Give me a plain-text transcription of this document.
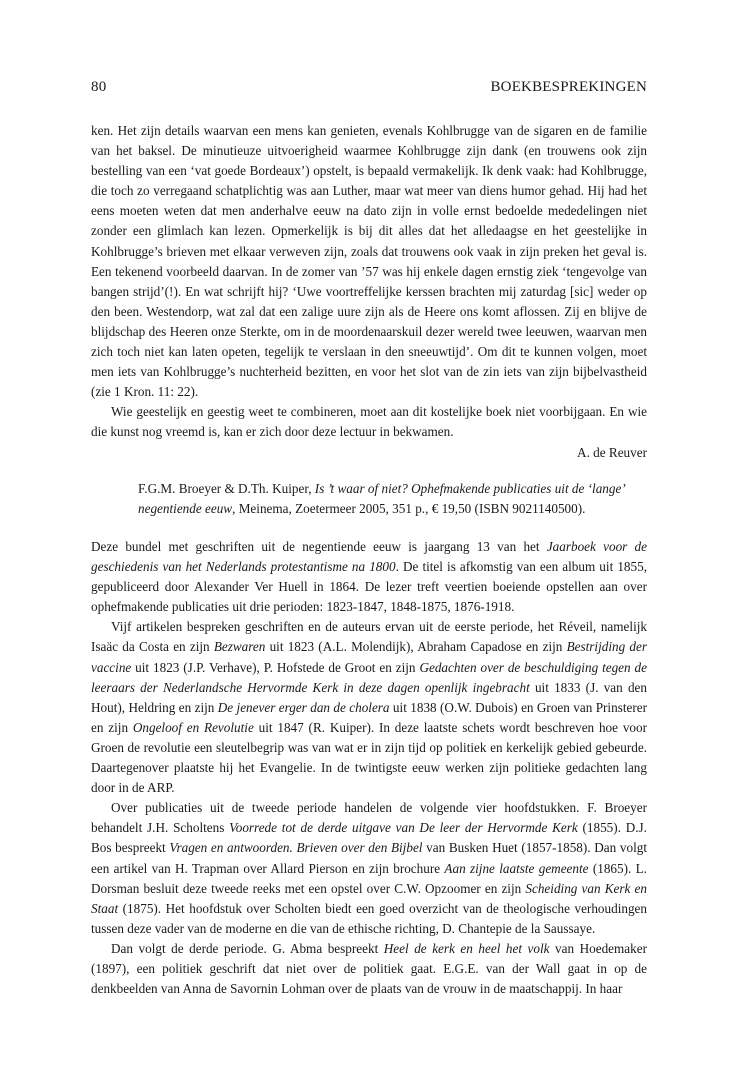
80	BOEKBESPREKINGEN

ken. Het zijn details waarvan een mens kan genieten, evenals Kohlbrugge van de sigaren en de familie van het baksel. De minutieuze uitvoerigheid waarmee Kohlbrugge zijn dank (en trouwens ook zijn bestelling van een ‘vat goede Bordeaux’) opstelt, is bepaald vermakelijk. Ik denk vaak: had Kohlbrugge, die toch zo verregaand schatplichtig was aan Luther, maar wat meer van diens humor gehad. Hij had het eens moeten weten dat men anderhalve eeuw na dato zijn in volle ernst bedoelde mededelingen niet zonder een glimlach kan lezen. Opmerkelijk is bij dit alles dat het alledaagse en het geestelijke in Kohlbrugge’s brieven met elkaar verweven zijn, zoals dat trouwens ook vaak in zijn preken het geval is. Een tekenend voorbeeld daarvan. In de zomer van ’57 was hij enkele dagen ernstig ziek ‘tengevolge van bangen strijd’(!). En wat schrijft hij? ‘Uwe voortreffelijke kerssen brachten mij zaturdag [sic] weder op den been. Westendorp, wat zal dat een zalige uure zijn als de Heere ons komt aflossen. Zij en blijve de blijdschap des Heeren onze Sterkte, om in de moordenaarskuil dezer wereld twee leeuwen, waarvan men zich toch niet kan laten opeten, tegelijk te verslaan in den sneeuwtijd’. Om dit te kunnen volgen, moet men iets van Kohlbrugge’s nuchterheid bezitten, en voor het slot van de zin iets van zijn bijbelvastheid (zie 1 Kron. 11: 22).

Wie geestelijk en geestig weet te combineren, moet aan dit kostelijke boek niet voorbijgaan. En wie die kunst nog vreemd is, kan er zich door deze lectuur in bekwamen.

A. de Reuver

F.G.M. Broeyer & D.Th. Kuiper, Is ’t waar of niet? Ophefmakende publicaties uit de ‘lange’ negentiende eeuw, Meinema, Zoetermeer 2005, 351 p., € 19,50 (ISBN 9021140500).

Deze bundel met geschriften uit de negentiende eeuw is jaargang 13 van het Jaarboek voor de geschiedenis van het Nederlands protestantisme na 1800. De titel is afkomstig van een album uit 1855, gepubliceerd door Alexander Ver Huell in 1864. De lezer treft veertien boeiende opstellen aan over ophefmakende publicaties uit drie perioden: 1823-1847, 1848-1875, 1876-1918.

Vijf artikelen bespreken geschriften en de auteurs ervan uit de eerste periode, het Réveil, namelijk Isaäc da Costa en zijn Bezwaren uit 1823 (A.L. Molendijk), Abraham Capadose en zijn Bestrijding der vaccine uit 1823 (J.P. Verhave), P. Hofstede de Groot en zijn Gedachten over de beschuldiging tegen de leeraars der Nederlandsche Hervormde Kerk in deze dagen openlijk ingebracht uit 1833 (J. van den Hout), Heldring en zijn De jenever erger dan de cholera uit 1838 (O.W. Dubois) en Groen van Prinsterer en zijn Ongeloof en Revolutie uit 1847 (R. Kuiper). In deze laatste schets wordt beschreven hoe voor Groen de revolutie een sleutelbegrip was van wat er in zijn tijd op politiek en kerkelijk gebied gebeurde. Daartegenover plaatste hij het Evangelie. In de twintigste eeuw werken zijn politieke gedachten lang door in de ARP.

Over publicaties uit de tweede periode handelen de volgende vier hoofdstukken. F. Broeyer behandelt J.H. Scholtens Voorrede tot de derde uitgave van De leer der Hervormde Kerk (1855). D.J. Bos bespreekt Vragen en antwoorden. Brieven over den Bijbel van Busken Huet (1857-1858). Dan volgt een artikel van H. Trapman over Allard Pierson en zijn brochure Aan zijne laatste gemeente (1865). L. Dorsman besluit deze tweede reeks met een opstel over C.W. Opzoomer en zijn Scheiding van Kerk en Staat (1875). Het hoofdstuk over Scholten biedt een goed overzicht van de theologische verhoudingen tussen deze vader van de moderne en die van de ethische richting, D. Chantepie de la Saussaye.

Dan volgt de derde periode. G. Abma bespreekt Heel de kerk en heel het volk van Hoedemaker (1897), een politiek geschrift dat niet over de politiek gaat. E.G.E. van der Wall gaat in op de denkbeelden van Anna de Savornin Lohman over de plaats van de vrouw in de maatschappij. In haar
